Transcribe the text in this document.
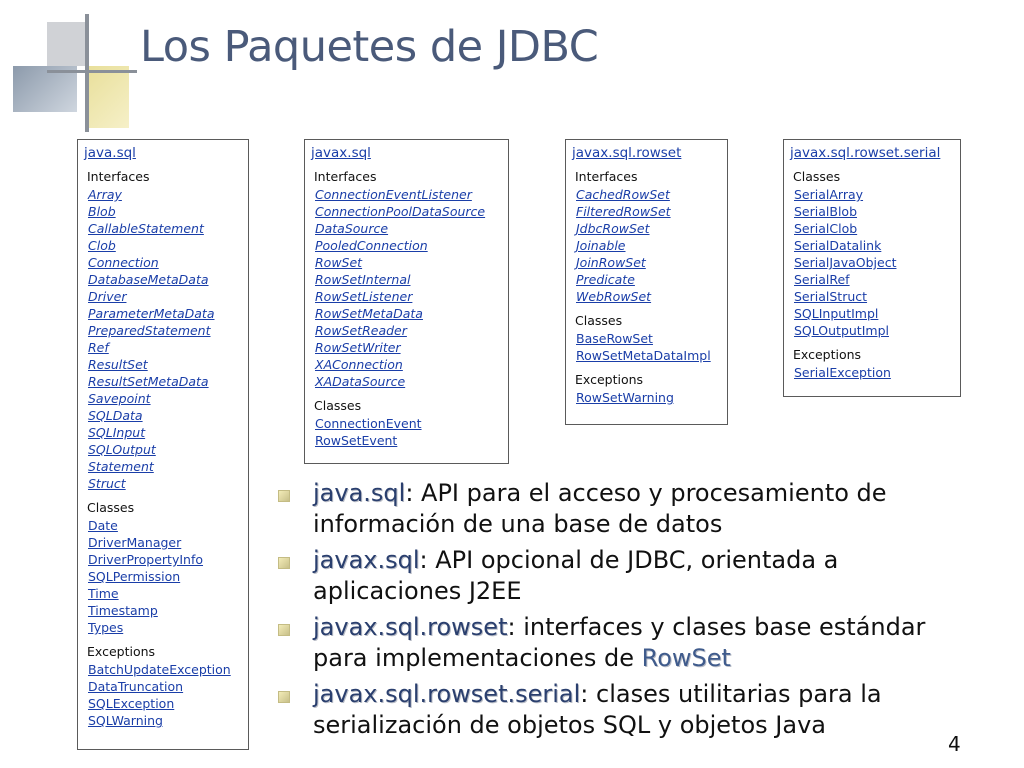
Los Paquetes de JDBC
java.sql
Interfaces
Array
Blob
CallableStatement
Clob
Connection
DatabaseMetaData
Driver
ParameterMetaData
PreparedStatement
Ref
ResultSet
ResultSetMetaData
Savepoint
SQLData
SQLInput
SQLOutput
Statement
Struct
Classes
Date
DriverManager
DriverPropertyInfo
SQLPermission
Time
Timestamp
Types
Exceptions
BatchUpdateException
DataTruncation
SQLException
SQLWarning
javax.sql
Interfaces
ConnectionEventListener
ConnectionPoolDataSource
DataSource
PooledConnection
RowSet
RowSetInternal
RowSetListener
RowSetMetaData
RowSetReader
RowSetWriter
XAConnection
XADataSource
Classes
ConnectionEvent
RowSetEvent
javax.sql.rowset
Interfaces
CachedRowSet
FilteredRowSet
JdbcRowSet
Joinable
JoinRowSet
Predicate
WebRowSet
Classes
BaseRowSet
RowSetMetaDataImpl
Exceptions
RowSetWarning
javax.sql.rowset.serial
Classes
SerialArray
SerialBlob
SerialClob
SerialDatalink
SerialJavaObject
SerialRef
SerialStruct
SQLInputImpl
SQLOutputImpl
Exceptions
SerialException
java.sql: API para el acceso y procesamiento de información de una base de datos
javax.sql: API opcional de JDBC, orientada a aplicaciones J2EE
javax.sql.rowset: interfaces y clases base estándar para implementaciones de RowSet
javax.sql.rowset.serial: clases utilitarias para la serialización de objetos SQL y objetos Java
4
